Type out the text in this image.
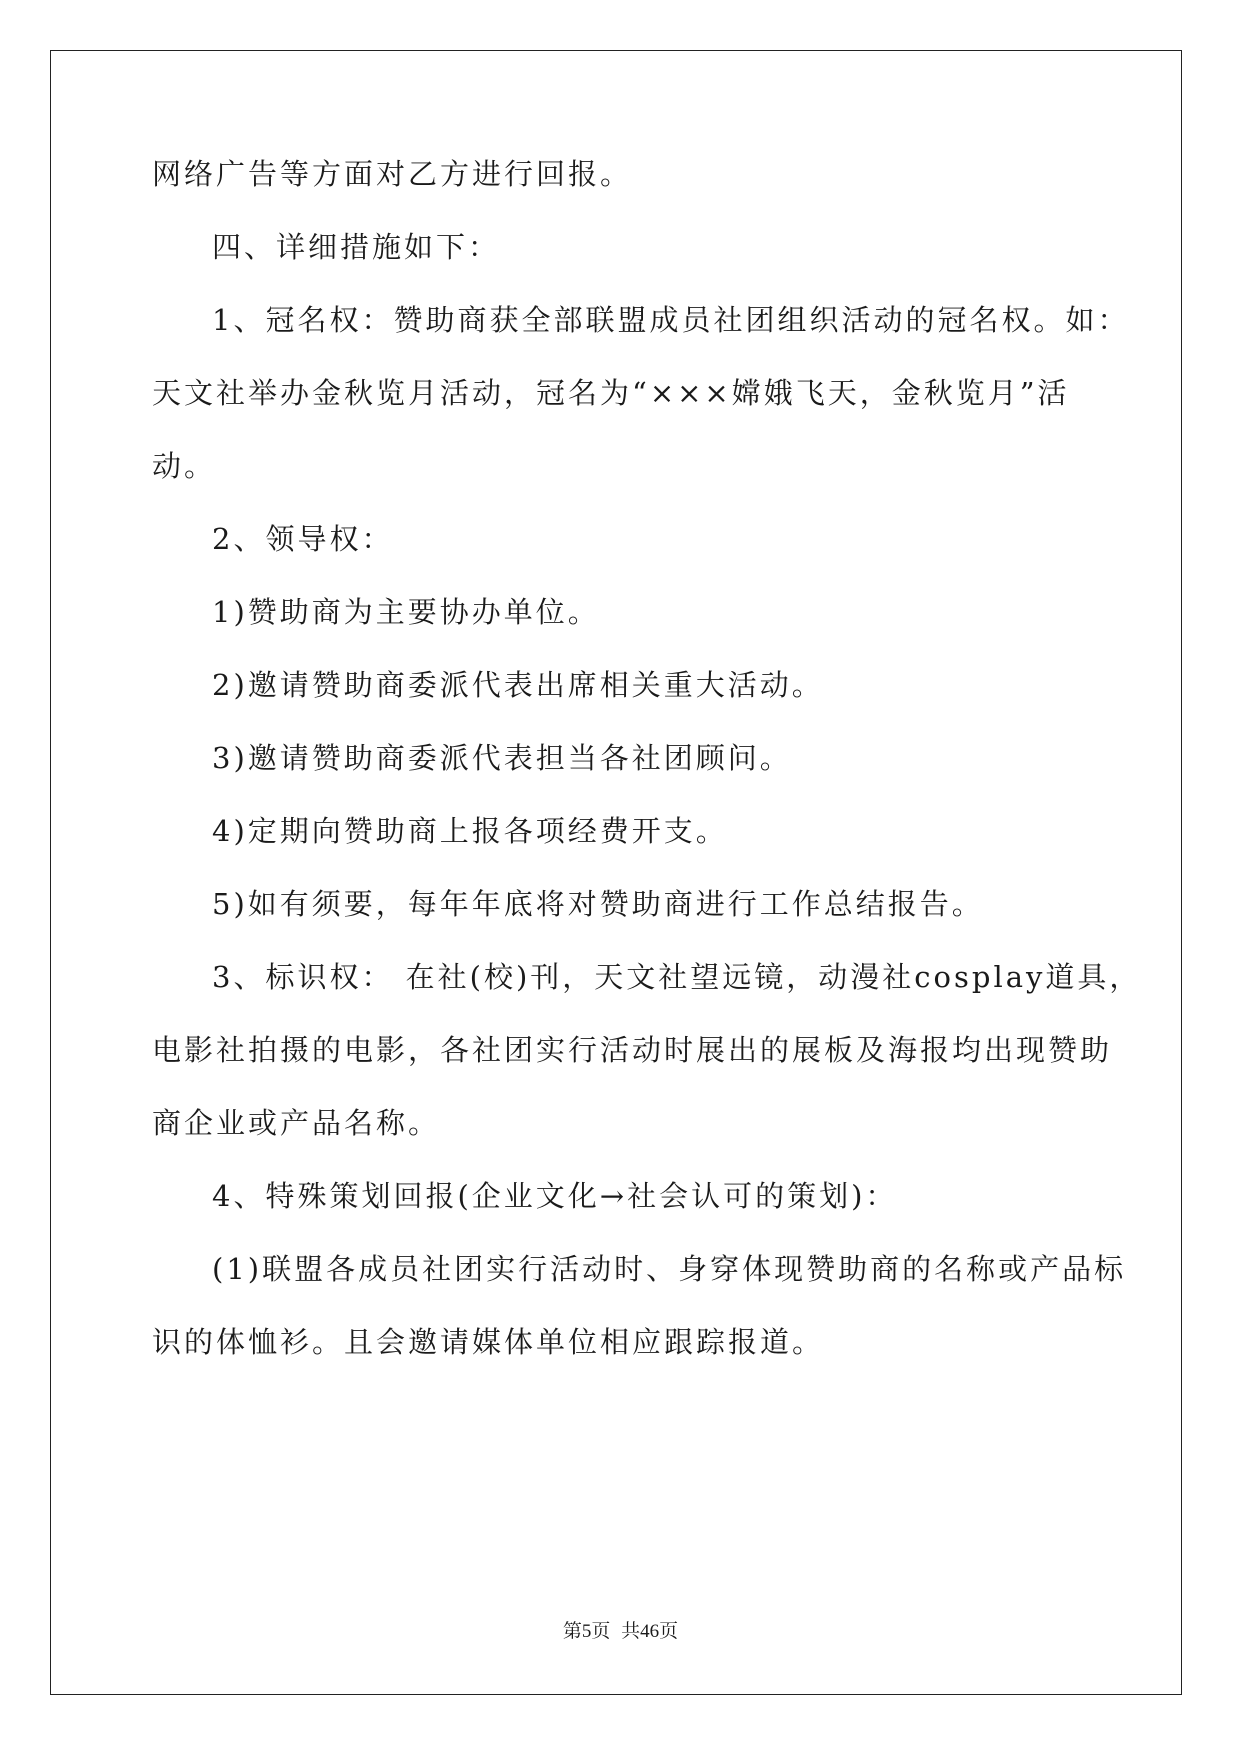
网络广告等方面对乙方进行回报。
四、详细措施如下：
1、冠名权：赞助商获全部联盟成员社团组织活动的冠名权。如：
天文社举办金秋览月活动，冠名为“×××嫦娥飞天，金秋览月”活
动。
2、领导权：
1)赞助商为主要协办单位。
2)邀请赞助商委派代表出席相关重大活动。
3)邀请赞助商委派代表担当各社团顾问。
4)定期向赞助商上报各项经费开支。
5)如有须要，每年年底将对赞助商进行工作总结报告。
3、标识权： 在社(校)刊，天文社望远镜，动漫社cosplay道具，
电影社拍摄的电影，各社团实行活动时展出的展板及海报均出现赞助
商企业或产品名称。
4、特殊策划回报(企业文化→社会认可的策划)：
(1)联盟各成员社团实行活动时、身穿体现赞助商的名称或产品标
识的体恤衫。且会邀请媒体单位相应跟踪报道。
第5页 共46页
